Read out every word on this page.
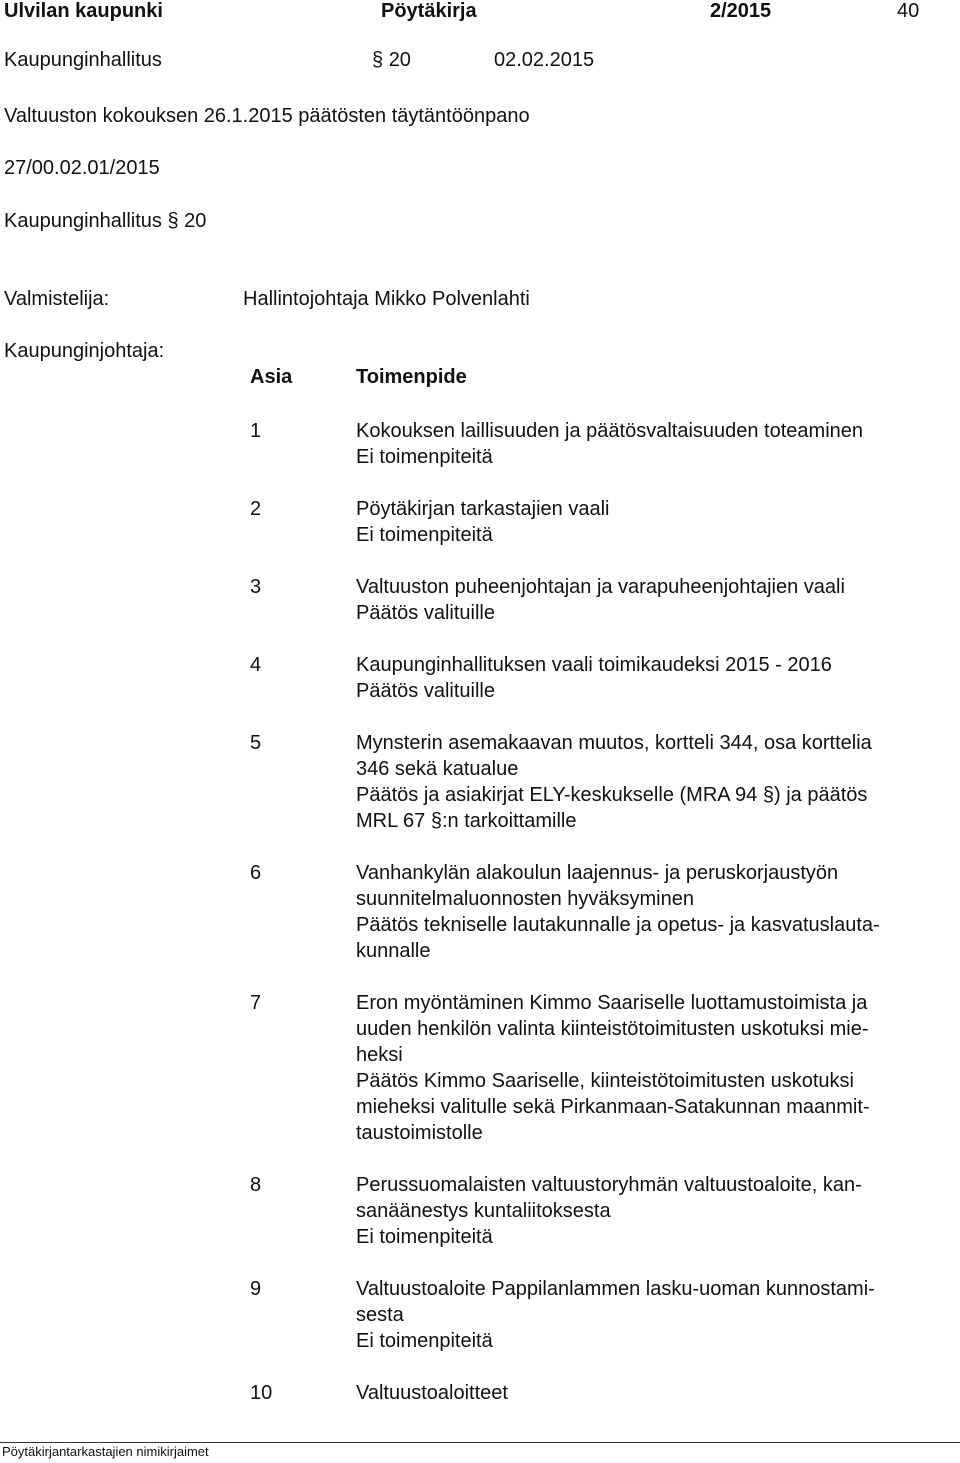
Ulvilan kaupunki	Pöytäkirja	2/2015	40
Kaupunginhallitus	§ 20	02.02.2015
Valtuuston kokouksen 26.1.2015 päätösten täytäntöönpano
27/00.02.01/2015
Kaupunginhallitus § 20
Valmistelija:	Hallintojohtaja Mikko Polvenlahti
Kaupunginjohtaja:
Asia	Toimenpide
1	Kokouksen laillisuuden ja päätösvaltaisuuden toteaminen
Ei toimenpiteitä
2	Pöytäkirjan tarkastajien vaali
Ei toimenpiteitä
3	Valtuuston puheenjohtajan ja varapuheenjohtajien vaali
Päätös valituille
4	Kaupunginhallituksen vaali toimikaudeksi 2015 - 2016
Päätös valituille
5	Mynsterin asemakaavan muutos, kortteli 344, osa korttelia
346 sekä katualue
Päätös ja asiakirjat ELY-keskukselle (MRA 94 §) ja päätös
MRL 67 §:n tarkoittamille
6	Vanhankylän alakoulun laajennus- ja peruskorjaustyön
suunnitelmaluonnosten hyväksyminen
Päätös tekniselle lautakunnalle ja opetus- ja kasvatuslauta-
kunnalle
7	Eron myöntäminen Kimmo Saariselle luottamustoimista ja
uuden henkilön valinta kiinteistötoimitusten uskotuksi mie-
heksi
Päätös Kimmo Saariselle, kiinteistötoimitusten uskotuksi
mieheksi valitulle sekä Pirkanmaan-Satakunnan maanmit-
taustoimistolle
8	Perussuomalaisten valtuustoryhmän valtuustoaloite, kan-
sanäänestys kuntaliitoksesta
Ei toimenpiteitä
9	Valtuustoaloite Pappilanlammen lasku-uoman kunnostami-
sesta
Ei toimenpiteitä
10	Valtuustoaloitteet
Pöytäkirjantarkastajien nimikirjaimet
